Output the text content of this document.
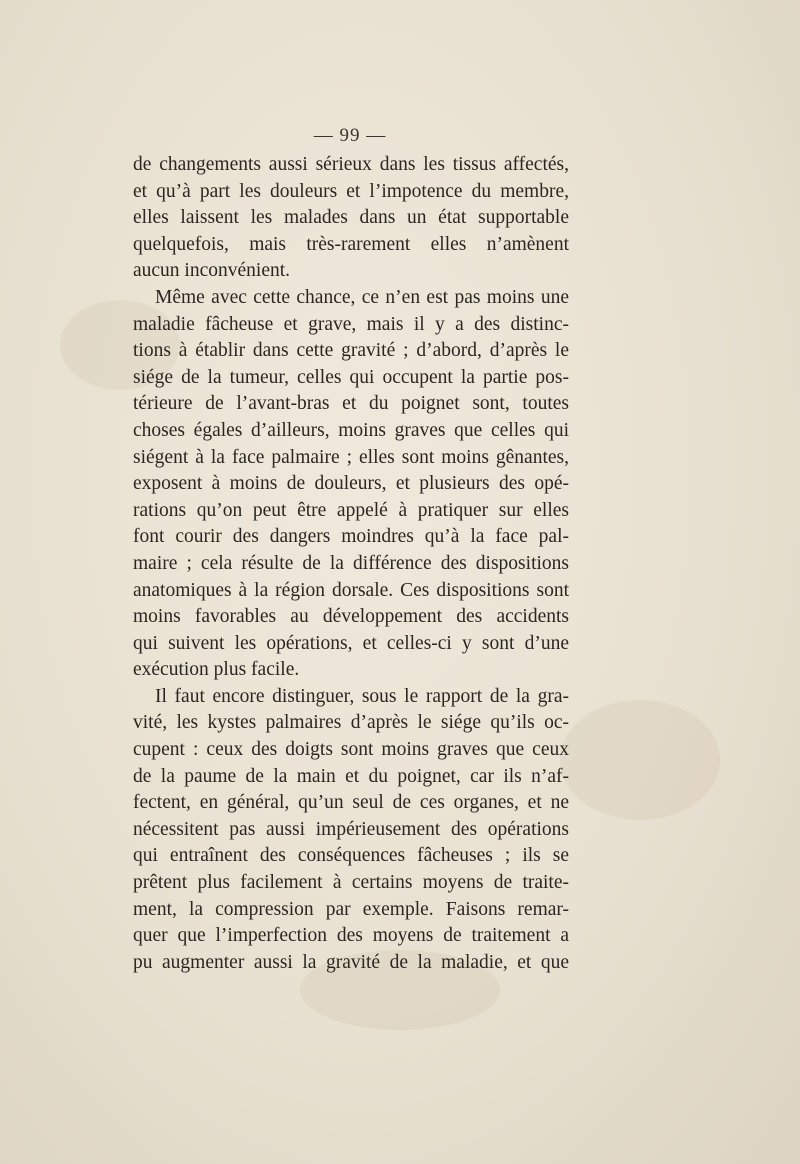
— 99 —
de changements aussi sérieux dans les tissus affectés,
et qu’à part les douleurs et l’impotence du membre,
elles laissent les malades dans un état supportable
quelquefois, mais très-rarement elles n’amènent
aucun inconvénient.
Même avec cette chance, ce n’en est pas moins une
maladie fâcheuse et grave, mais il y a des distinc-
tions à établir dans cette gravité ; d’abord, d’après le
siége de la tumeur, celles qui occupent la partie pos-
térieure de l’avant-bras et du poignet sont, toutes
choses égales d’ailleurs, moins graves que celles qui
siégent à la face palmaire ; elles sont moins gênantes,
exposent à moins de douleurs, et plusieurs des opé-
rations qu’on peut être appelé à pratiquer sur elles
font courir des dangers moindres qu’à la face pal-
maire ; cela résulte de la différence des dispositions
anatomiques à la région dorsale. Ces dispositions sont
moins favorables au développement des accidents
qui suivent les opérations, et celles-ci y sont d’une
exécution plus facile.
Il faut encore distinguer, sous le rapport de la gra-
vité, les kystes palmaires d’après le siége qu’ils oc-
cupent : ceux des doigts sont moins graves que ceux
de la paume de la main et du poignet, car ils n’af-
fectent, en général, qu’un seul de ces organes, et ne
nécessitent pas aussi impérieusement des opérations
qui entraînent des conséquences fâcheuses ; ils se
prêtent plus facilement à certains moyens de traite-
ment, la compression par exemple. Faisons remar-
quer que l’imperfection des moyens de traitement a
pu augmenter aussi la gravité de la maladie, et que
